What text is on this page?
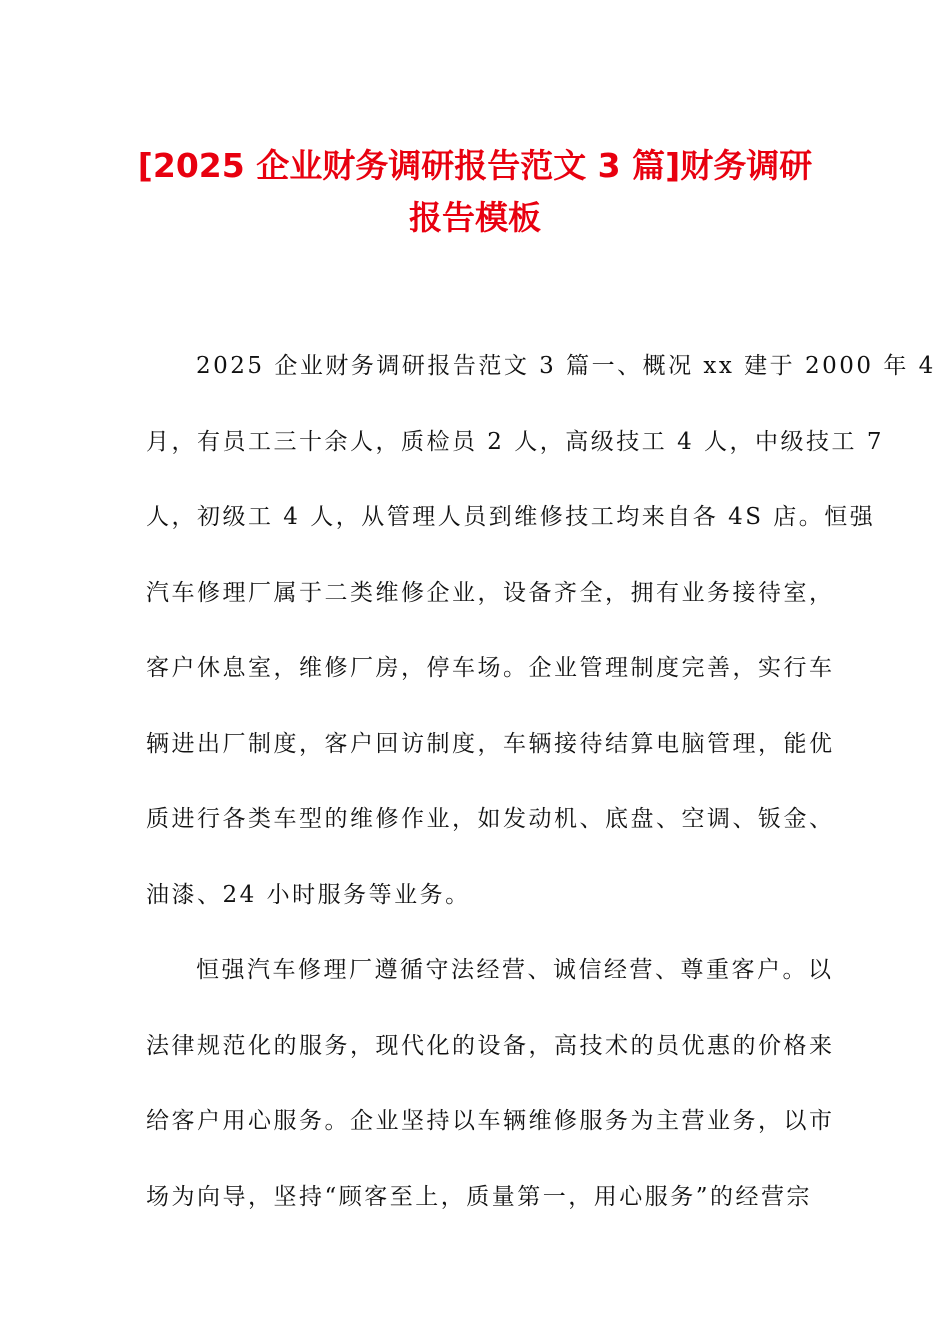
[2025 企业财务调研报告范文 3 篇]财务调研
报告模板

2025 企业财务调研报告范文 3 篇一、概况 xx 建于 2000 年 4
月，有员工三十余人，质检员 2 人，高级技工 4 人，中级技工 7
人，初级工 4 人，从管理人员到维修技工均来自各 4S 店。恒强
汽车修理厂属于二类维修企业，设备齐全，拥有业务接待室，
客户休息室，维修厂房，停车场。企业管理制度完善，实行车
辆进出厂制度，客户回访制度，车辆接待结算电脑管理，能优
质进行各类车型的维修作业，如发动机、底盘、空调、钣金、
油漆、24 小时服务等业务。

恒强汽车修理厂遵循守法经营、诚信经营、尊重客户。以
法律规范化的服务，现代化的设备，高技术的员优惠的价格来
给客户用心服务。企业坚持以车辆维修服务为主营业务，以市
场为向导，坚持“顾客至上，质量第一，用心服务”的经营宗
